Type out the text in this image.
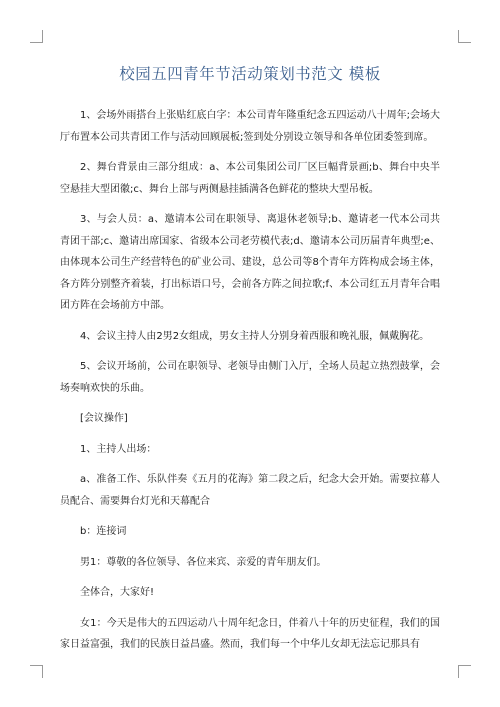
校园五四青年节活动策划书范文 模板

1、会场外雨搭台上张贴红底白字：本公司青年隆重纪念五四运动八十周年;会场大厅布置本公司共青团工作与活动回顾展板;签到处分别设立领导和各单位团委签到席。

2、舞台背景由三部分组成：a、本公司集团公司厂区巨幅背景画;b、舞台中央半空悬挂大型团徽;c、舞台上部与两侧悬挂插满各色鲜花的整块大型吊板。

3、与会人员：a、邀请本公司在职领导、离退休老领导;b、邀请老一代本公司共青团干部;c、邀请出席国家、省级本公司老劳模代表;d、邀请本公司历届青年典型;e、由体现本公司生产经营特色的矿业公司、建设，总公司等8个青年方阵构成会场主体，各方阵分别整齐着装，打出标语口号，会前各方阵之间拉歌;f、本公司红五月青年合唱团方阵在会场前方中部。

4、会议主持人由2男2女组成，男女主持人分别身着西服和晚礼服，佩戴胸花。

5、会议开场前，公司在职领导、老领导由侧门入厅，全场人员起立热烈鼓掌，会场奏响欢快的乐曲。

[会议操作]

1、主持人出场：

a、准备工作、乐队伴奏《五月的花海》第二段之后，纪念大会开始。需要拉幕人员配合、需要舞台灯光和天幕配合

b：连接词

男1：尊敬的各位领导、各位来宾、亲爱的青年朋友们。

全体合，大家好!

女1：今天是伟大的五四运动八十周年纪念日，伴着八十年的历史征程，我们的国家日益富强，我们的民族日益昌盛。然而，我们每一个中华儿女却无法忘记那具有
